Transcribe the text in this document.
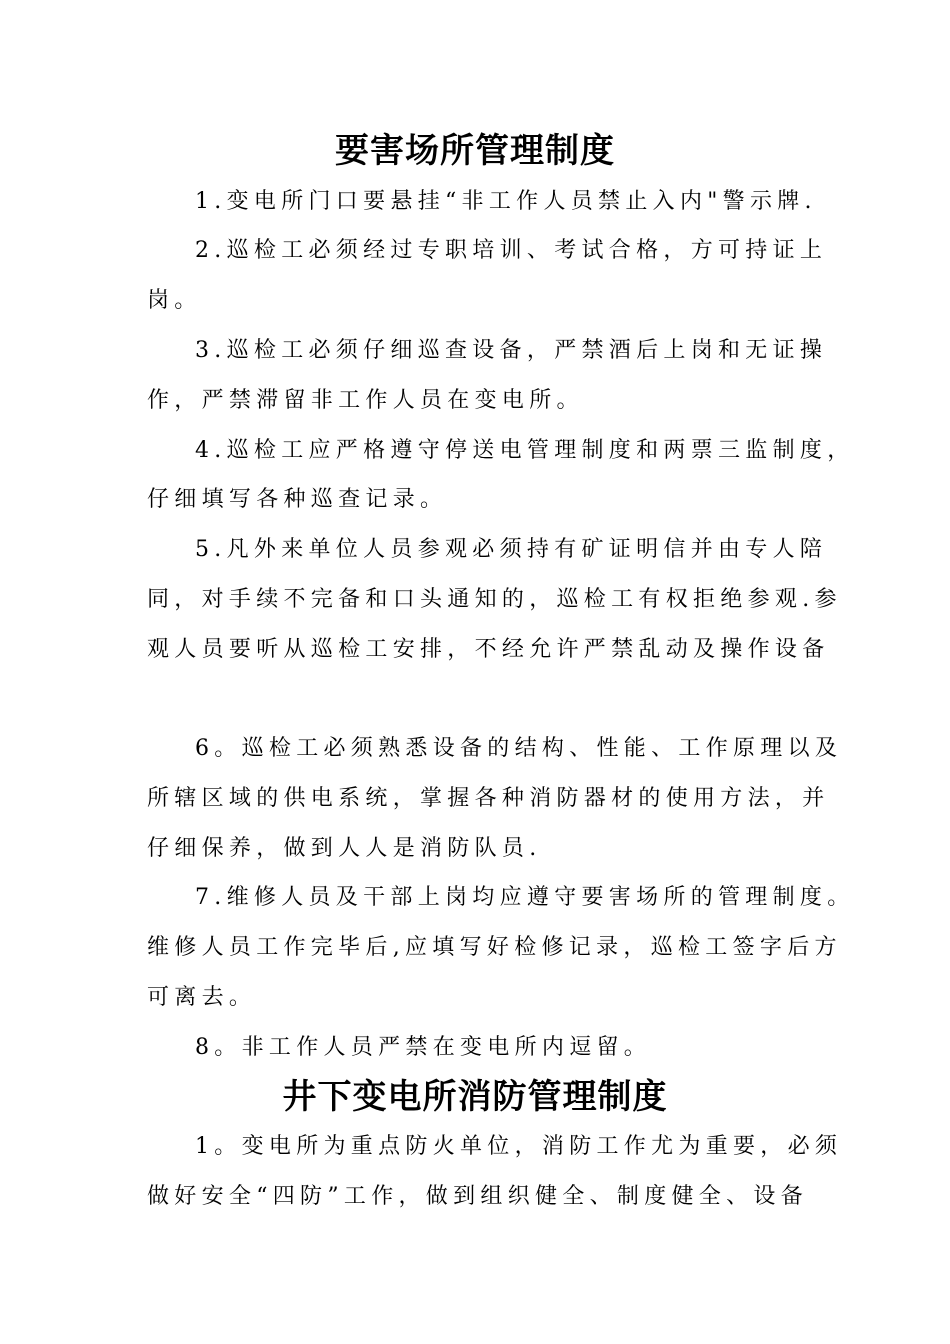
要害场所管理制度

1.变电所门口要悬挂“非工作人员禁止入内"警示牌.

2.巡检工必须经过专职培训、考试合格，方可持证上

岗。

3.巡检工必须仔细巡查设备，严禁酒后上岗和无证操

作，严禁滞留非工作人员在变电所。

4.巡检工应严格遵守停送电管理制度和两票三监制度，

仔细填写各种巡查记录。

5.凡外来单位人员参观必须持有矿证明信并由专人陪

同，对手续不完备和口头通知的，巡检工有权拒绝参观.参

观人员要听从巡检工安排，不经允许严禁乱动及操作设备

6。巡检工必须熟悉设备的结构、性能、工作原理以及

所辖区域的供电系统，掌握各种消防器材的使用方法，并

仔细保养，做到人人是消防队员.

7.维修人员及干部上岗均应遵守要害场所的管理制度。

维修人员工作完毕后,应填写好检修记录，巡检工签字后方

可离去。

8。非工作人员严禁在变电所内逗留。

井下变电所消防管理制度

1。变电所为重点防火单位，消防工作尤为重要，必须

做好安全“四防”工作，做到组织健全、制度健全、设备
